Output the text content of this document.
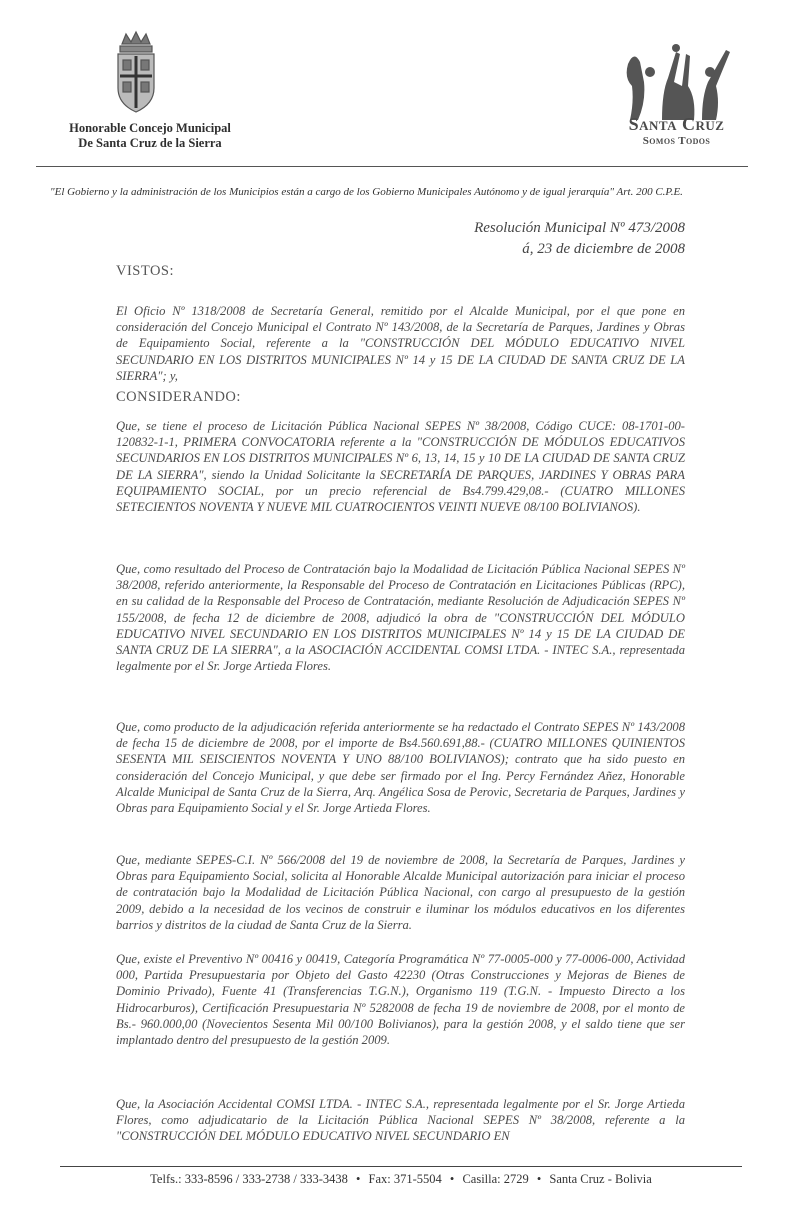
Honorable Concejo Municipal
De Santa Cruz de la Sierra
Santa Cruz
Somos Todos
"El Gobierno y la administración de los Municipios están a cargo de los Gobierno Municipales Autónomo y de igual jerarquía" Art. 200 C.P.E.
Resolución Municipal Nº 473/2008
á, 23 de diciembre de 2008
VISTOS:

El Oficio Nº 1318/2008 de Secretaría General, remitido por el Alcalde Municipal, por el que pone en consideración del Concejo Municipal el Contrato Nº 143/2008, de la Secretaría de Parques, Jardines y Obras de Equipamiento Social, referente a la "CONSTRUCCIÓN DEL MÓDULO EDUCATIVO NIVEL SECUNDARIO EN LOS DISTRITOS MUNICIPALES Nº 14 y 15 DE LA CIUDAD DE SANTA CRUZ DE LA SIERRA"; y,

CONSIDERANDO:

Que, se tiene el proceso de Licitación Pública Nacional SEPES Nº 38/2008, Código CUCE: 08-1701-00-120832-1-1, PRIMERA CONVOCATORIA referente a la "CONSTRUCCIÓN DE MÓDULOS EDUCATIVOS SECUNDARIOS EN LOS DISTRITOS MUNICIPALES Nº 6, 13, 14, 15 y 10 DE LA CIUDAD DE SANTA CRUZ DE LA SIERRA", siendo la Unidad Solicitante la SECRETARÍA DE PARQUES, JARDINES Y OBRAS PARA EQUIPAMIENTO SOCIAL, por un precio referencial de Bs4.799.429,08.- (CUATRO MILLONES SETECIENTOS NOVENTA Y NUEVE MIL CUATROCIENTOS VEINTI NUEVE 08/100 BOLIVIANOS).

Que, como resultado del Proceso de Contratación bajo la Modalidad de Licitación Pública Nacional SEPES Nº 38/2008, referido anteriormente, la Responsable del Proceso de Contratación en Licitaciones Públicas (RPC), en su calidad de la Responsable del Proceso de Contratación, mediante Resolución de Adjudicación SEPES Nº 155/2008, de fecha 12 de diciembre de 2008, adjudicó la obra de "CONSTRUCCIÓN DEL MÓDULO EDUCATIVO NIVEL SECUNDARIO EN LOS DISTRITOS MUNICIPALES Nº 14 y 15 DE LA CIUDAD DE SANTA CRUZ DE LA SIERRA", a la ASOCIACIÓN ACCIDENTAL COMSI LTDA. - INTEC S.A., representada legalmente por el Sr. Jorge Artieda Flores.

Que, como producto de la adjudicación referida anteriormente se ha redactado el Contrato SEPES Nº 143/2008 de fecha 15 de diciembre de 2008, por el importe de Bs4.560.691,88.- (CUATRO MILLONES QUINIENTOS SESENTA MIL SEISCIENTOS NOVENTA Y UNO 88/100 BOLIVIANOS); contrato que ha sido puesto en consideración del Concejo Municipal, y que debe ser firmado por el Ing. Percy Fernández Añez, Honorable Alcalde Municipal de Santa Cruz de la Sierra, Arq. Angélica Sosa de Perovic, Secretaria de Parques, Jardines y Obras para Equipamiento Social y el Sr. Jorge Artieda Flores.

Que, mediante SEPES-C.I. Nº 566/2008 del 19 de noviembre de 2008, la Secretaría de Parques, Jardines y Obras para Equipamiento Social, solicita al Honorable Alcalde Municipal autorización para iniciar el proceso de contratación bajo la Modalidad de Licitación Pública Nacional, con cargo al presupuesto de la gestión 2009, debido a la necesidad de los vecinos de construir e iluminar los módulos educativos en los diferentes barrios y distritos de la ciudad de Santa Cruz de la Sierra.

Que, existe el Preventivo Nº 00416 y 00419, Categoría Programática Nº 77-0005-000 y 77-0006-000, Actividad 000, Partida Presupuestaria por Objeto del Gasto 42230 (Otras Construcciones y Mejoras de Bienes de Dominio Privado), Fuente 41 (Transferencias T.G.N.), Organismo 119 (T.G.N. - Impuesto Directo a los Hidrocarburos), Certificación Presupuestaria Nº 5282008 de fecha 19 de noviembre de 2008, por el monto de Bs.- 960.000,00 (Novecientos Sesenta Mil 00/100 Bolivianos), para la gestión 2008, y el saldo tiene que ser implantado dentro del presupuesto de la gestión 2009.

Que, la Asociación Accidental COMSI LTDA. - INTEC S.A., representada legalmente por el Sr. Jorge Artieda Flores, como adjudicatario de la Licitación Pública Nacional SEPES Nº 38/2008, referente a la "CONSTRUCCIÓN DEL MÓDULO EDUCATIVO NIVEL SECUNDARIO EN

Telfs.: 333-8596 / 333-2738 / 333-3438 • Fax: 371-5504 • Casilla: 2729 • Santa Cruz - Bolivia
